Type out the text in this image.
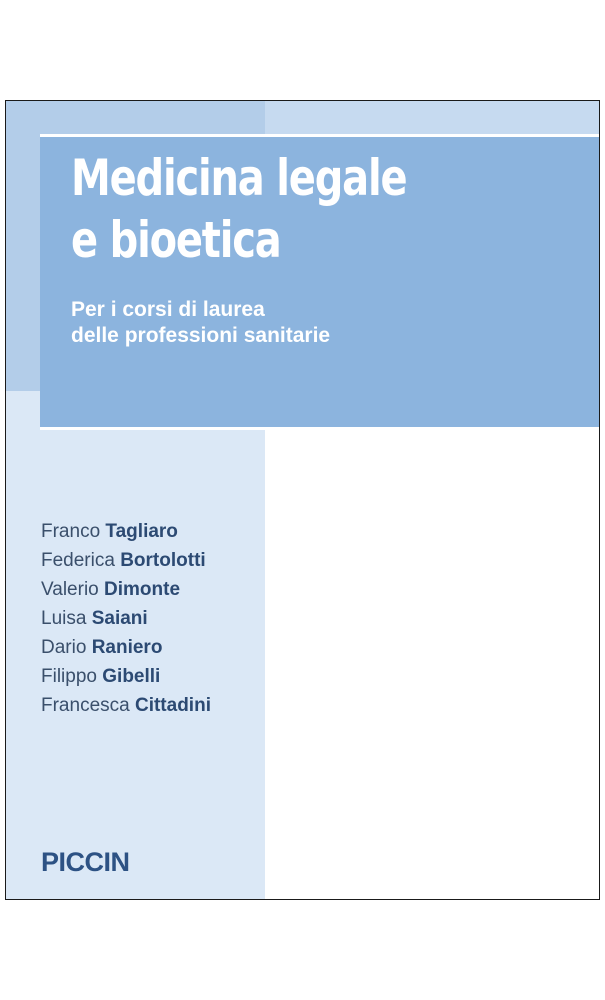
Medicina legale
e bioetica

Per i corsi di laurea
delle professioni sanitarie

Franco Tagliaro
Federica Bortolotti
Valerio Dimonte
Luisa Saiani
Dario Raniero
Filippo Gibelli
Francesca Cittadini
PICCIN
